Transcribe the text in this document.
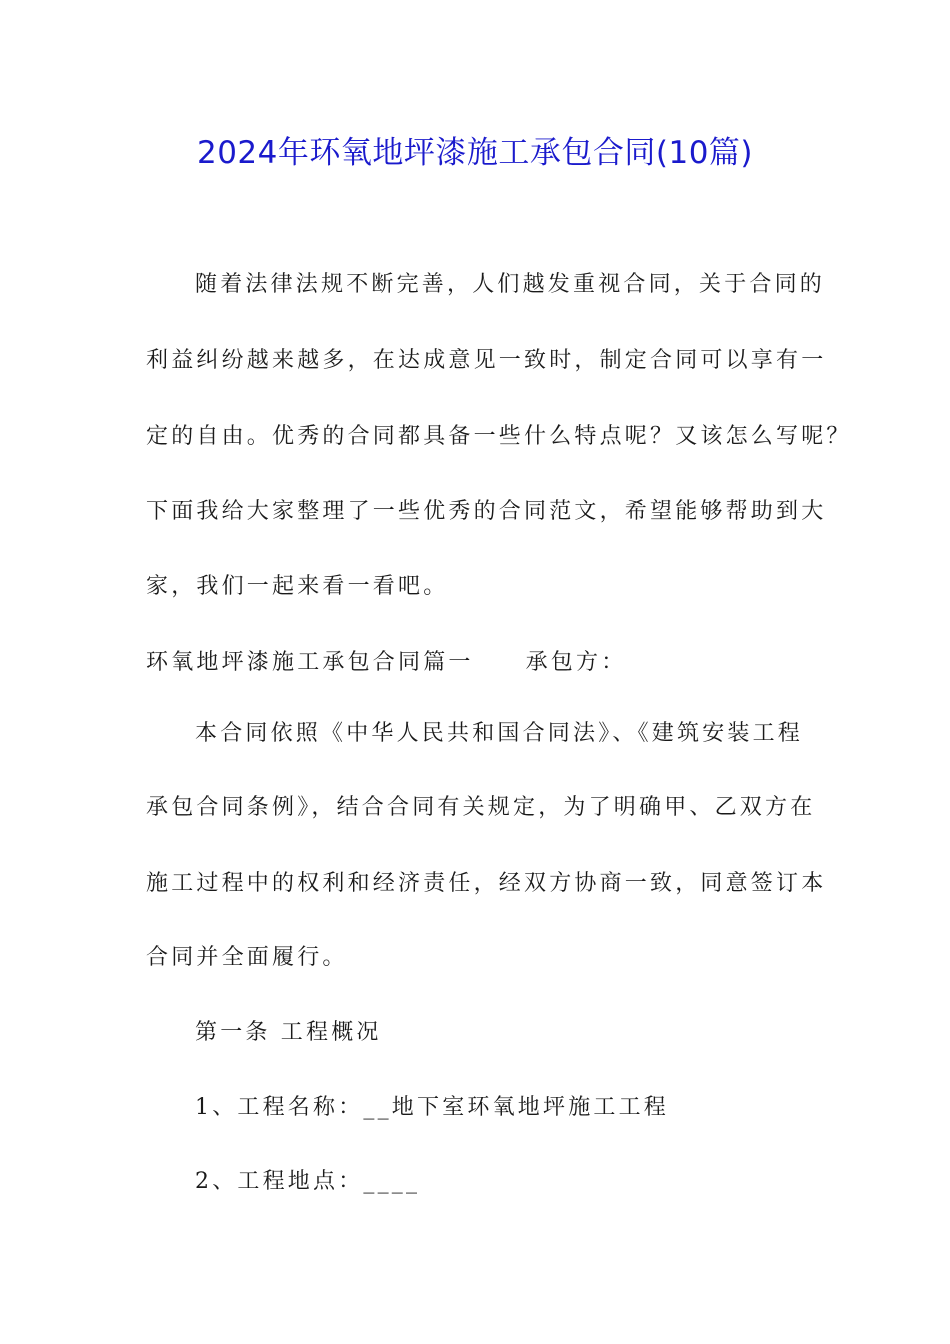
2024年环氧地坪漆施工承包合同(10篇)
随着法律法规不断完善，人们越发重视合同，关于合同的
利益纠纷越来越多，在达成意见一致时，制定合同可以享有一
定的自由。优秀的合同都具备一些什么特点呢？又该怎么写呢？
下面我给大家整理了一些优秀的合同范文，希望能够帮助到大
家，我们一起来看一看吧。
环氧地坪漆施工承包合同篇一 承包方：
本合同依照《中华人民共和国合同法》、《建筑安装工程
承包合同条例》，结合合同有关规定，为了明确甲、乙双方在
施工过程中的权利和经济责任，经双方协商一致，同意签订本
合同并全面履行。
第一条 工程概况
1、工程名称：__地下室环氧地坪施工工程
2、工程地点：____
